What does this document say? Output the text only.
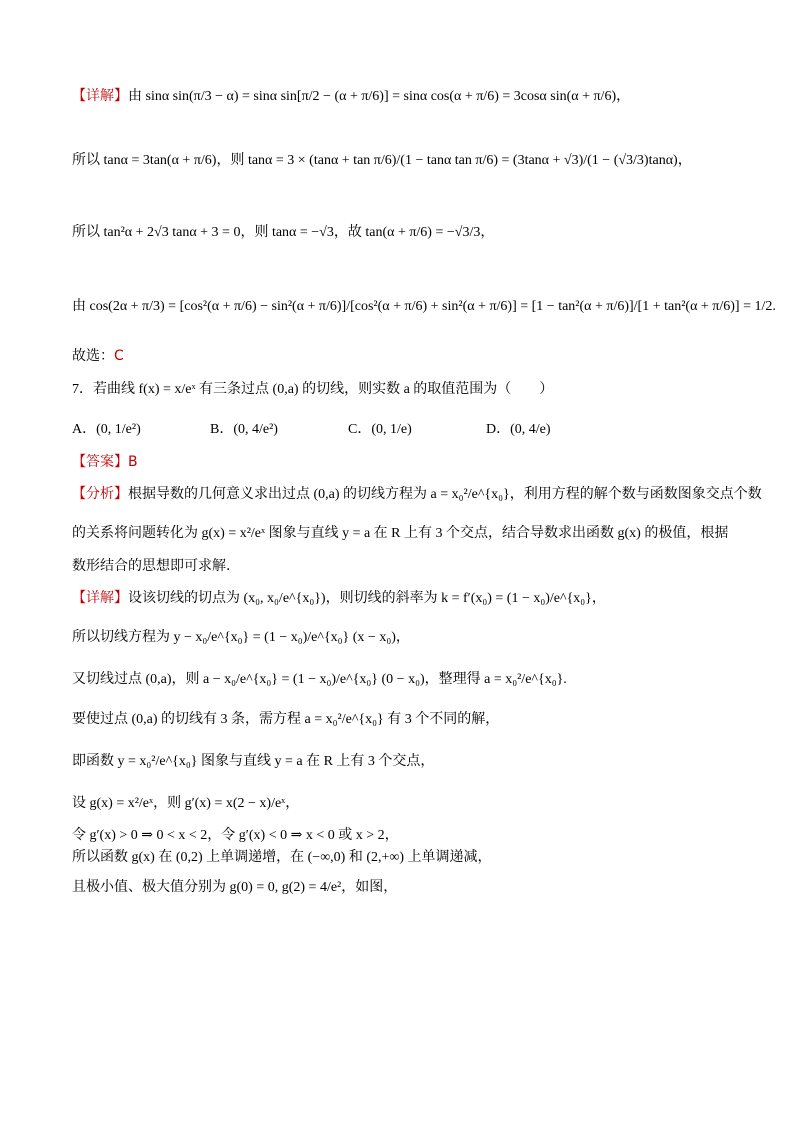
【详解】由 sinα sin(π/3 − α) = sinα sin[π/2 − (α + π/6)] = sinα cos(α + π/6) = 3cosα sin(α + π/6)，
所以 tanα = 3tan(α + π/6)，则 tanα = 3 × (tanα + tan π/6)/(1 − tanα tan π/6) = (3tanα + √3)/(1 − (√3/3)tanα)，
所以 tan²α + 2√3 tanα + 3 = 0，则 tanα = −√3，故 tan(α + π/6) = −√3/3，
由 cos(2α + π/3) = [cos²(α + π/6) − sin²(α + π/6)]/[cos²(α + π/6) + sin²(α + π/6)] = [1 − tan²(α + π/6)]/[1 + tan²(α + π/6)] = 1/2.
故选：C
7．若曲线 f(x) = x/eˣ 有三条过点 (0,a) 的切线，则实数 a 的取值范围为（　　）
A．(0, 1/e²)	B．(0, 4/e²)	C．(0, 1/e)	D．(0, 4/e)
【答案】B
【分析】根据导数的几何意义求出过点 (0,a) 的切线方程为 a = x₀²/e^{x₀}，利用方程的解个数与函数图象交点个数
的关系将问题转化为 g(x) = x²/eˣ 图象与直线 y = a 在 R 上有 3 个交点，结合导数求出函数 g(x) 的极值，根据
数形结合的思想即可求解.
【详解】设该切线的切点为 (x₀, x₀/e^{x₀})，则切线的斜率为 k = f′(x₀) = (1 − x₀)/e^{x₀}，
所以切线方程为 y − x₀/e^{x₀} = (1 − x₀)/e^{x₀} (x − x₀)，
又切线过点 (0,a)，则 a − x₀/e^{x₀} = (1 − x₀)/e^{x₀} (0 − x₀)，整理得 a = x₀²/e^{x₀}.
要使过点 (0,a) 的切线有 3 条，需方程 a = x₀²/e^{x₀} 有 3 个不同的解，
即函数 y = x₀²/e^{x₀} 图象与直线 y = a 在 R 上有 3 个交点，
设 g(x) = x²/eˣ，则 g′(x) = x(2 − x)/eˣ，
令 g′(x) > 0 ⇒ 0 < x < 2，令 g′(x) < 0 ⇒ x < 0 或 x > 2，
所以函数 g(x) 在 (0,2) 上单调递增，在 (−∞,0) 和 (2,+∞) 上单调递减，
且极小值、极大值分别为 g(0) = 0, g(2) = 4/e²，如图，
